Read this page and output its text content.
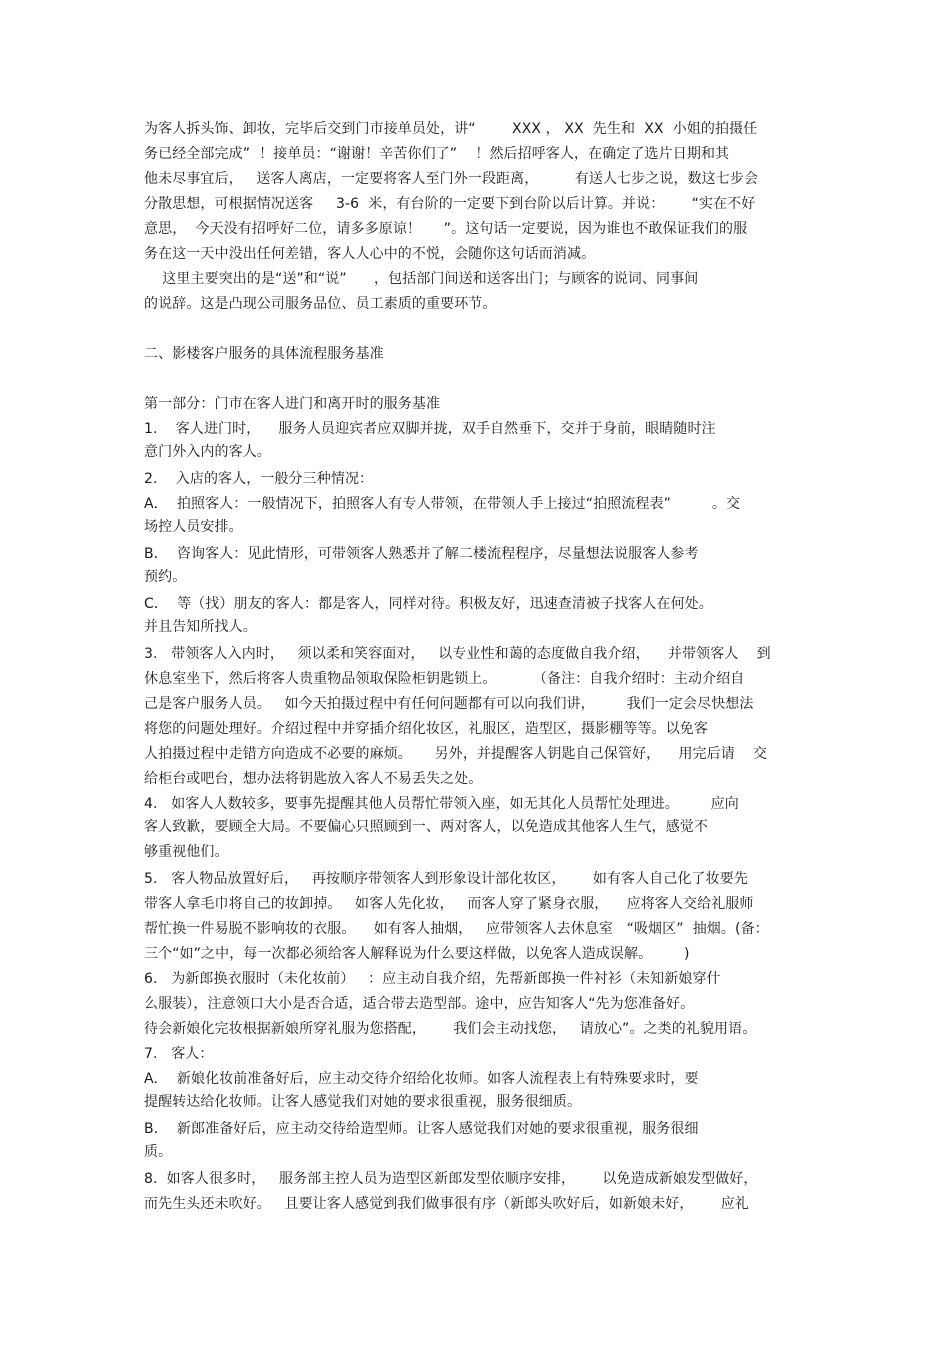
为客人拆头饰、卸妆，完毕后交到门市接单员处，讲“        XXX ， XX  先生和  XX  小姐的拍摄任
务已经全部完成”  ！接单员：“谢谢！辛苦你们了”    ！然后招呼客人，在确定了选片日期和其
他未尽事宜后，   送客人离店，一定要将客人至门外一段距离，        有送人七步之说，数这七步会
分散思想，可根据情况送客     3-6  米，有台阶的一定要下到台阶以后计算。并说：      “实在不好
意思，  今天没有招呼好二位，请多多原谅！     ”。这句话一定要说，因为谁也不敢保证我们的服
务在这一天中没出任何差错，客人人心中的不悦，会随你这句话而消减。
这里主要突出的是“送”和“说”      ，包括部门间送和送客出门；与顾客的说词、同事间
的说辞。这是凸现公司服务品位、员工素质的重要环节。
二、影楼客户服务的具体流程服务基准
第一部分：门市在客人进门和离开时的服务基准
1.    客人进门时，    服务人员迎宾者应双脚并拢，双手自然垂下，交并于身前，眼睛随时注
意门外入内的客人。
2.    入店的客人，一般分三种情况：
A．  拍照客人：一般情况下，拍照客人有专人带领，在带领人手上接过“拍照流程表”         。交
场控人员安排。
B．  咨询客人：见此情形，可带领客人熟悉并了解二楼流程程序，尽量想法说服客人参考
预约。
C．  等（找）朋友的客人：都是客人，同样对待。积极友好，迅速查清被子找客人在何处。
并且告知所找人。
3.   带领客人入内时，   须以柔和笑容面对，   以专业性和蔼的态度做自我介绍，    并带领客人    到
休息室坐下，然后将客人贵重物品领取保险柜钥匙锁上。        （备注：自我介绍时：主动介绍自
己是客户服务人员。   如今天拍摄过程中有任何问题都有可以向我们讲，       我们一定会尽快想法
将您的问题处理好。介绍过程中并穿插介绍化妆区，礼服区，造型区，摄影棚等等。以免客
人拍摄过程中走错方向造成不必要的麻烦。     另外，并提醒客人钥匙自己保管好，    用完后请    交
给柜台或吧台，想办法将钥匙放入客人不易丢失之处。
4.   如客人人数较多，要事先提醒其他人员帮忙带领入座，如无其化人员帮忙处理进。       应向
客人致歉，要顾全大局。不要偏心只照顾到一、两对客人，以免造成其他客人生气，感觉不
够重视他们。
5.   客人物品放置好后，   再按顺序带领客人到形象设计部化妆区，      如有客人自己化了妆要先
带客人拿毛巾将自己的妆卸掉。   如客人先化妆，   而客人穿了紧身衣服，    应将客人交给礼服师
帮忙换一件易脱不影响妆的衣服。    如有客人抽烟，   应带领客人去休息室   “吸烟区”  抽烟。(备：
三个“如”之中，每一次都必须给客人解释说为什么要这样做，以免客人造成误解。       )
6.   为新郎换衣服时（未化妆前）   ：应主动自我介绍，先帮新郎换一件衬衫（未知新娘穿什
么服装），注意领口大小是否合适，适合带去造型部。途中，应告知客人“先为您准备好。
待会新娘化完妆根据新娘所穿礼服为您搭配，      我们会主动找您，   请放心”。之类的礼貌用语。
7.   客人：
A．  新娘化妆前准备好后，应主动交待介绍给化妆师。如客人流程表上有特殊要求时，要
提醒转达给化妆师。让客人感觉我们对她的要求很重视，服务很细质。
B．  新郎准备好后，应主动交待给造型师。让客人感觉我们对她的要求很重视，服务很细
质。
8.  如客人很多时，   服务部主控人员为造型区新郎发型依顺序安排，      以免造成新娘发型做好，
而先生头还未吹好。   且要让客人感觉到我们做事很有序（新郎头吹好后，如新娘未好，      应礼
